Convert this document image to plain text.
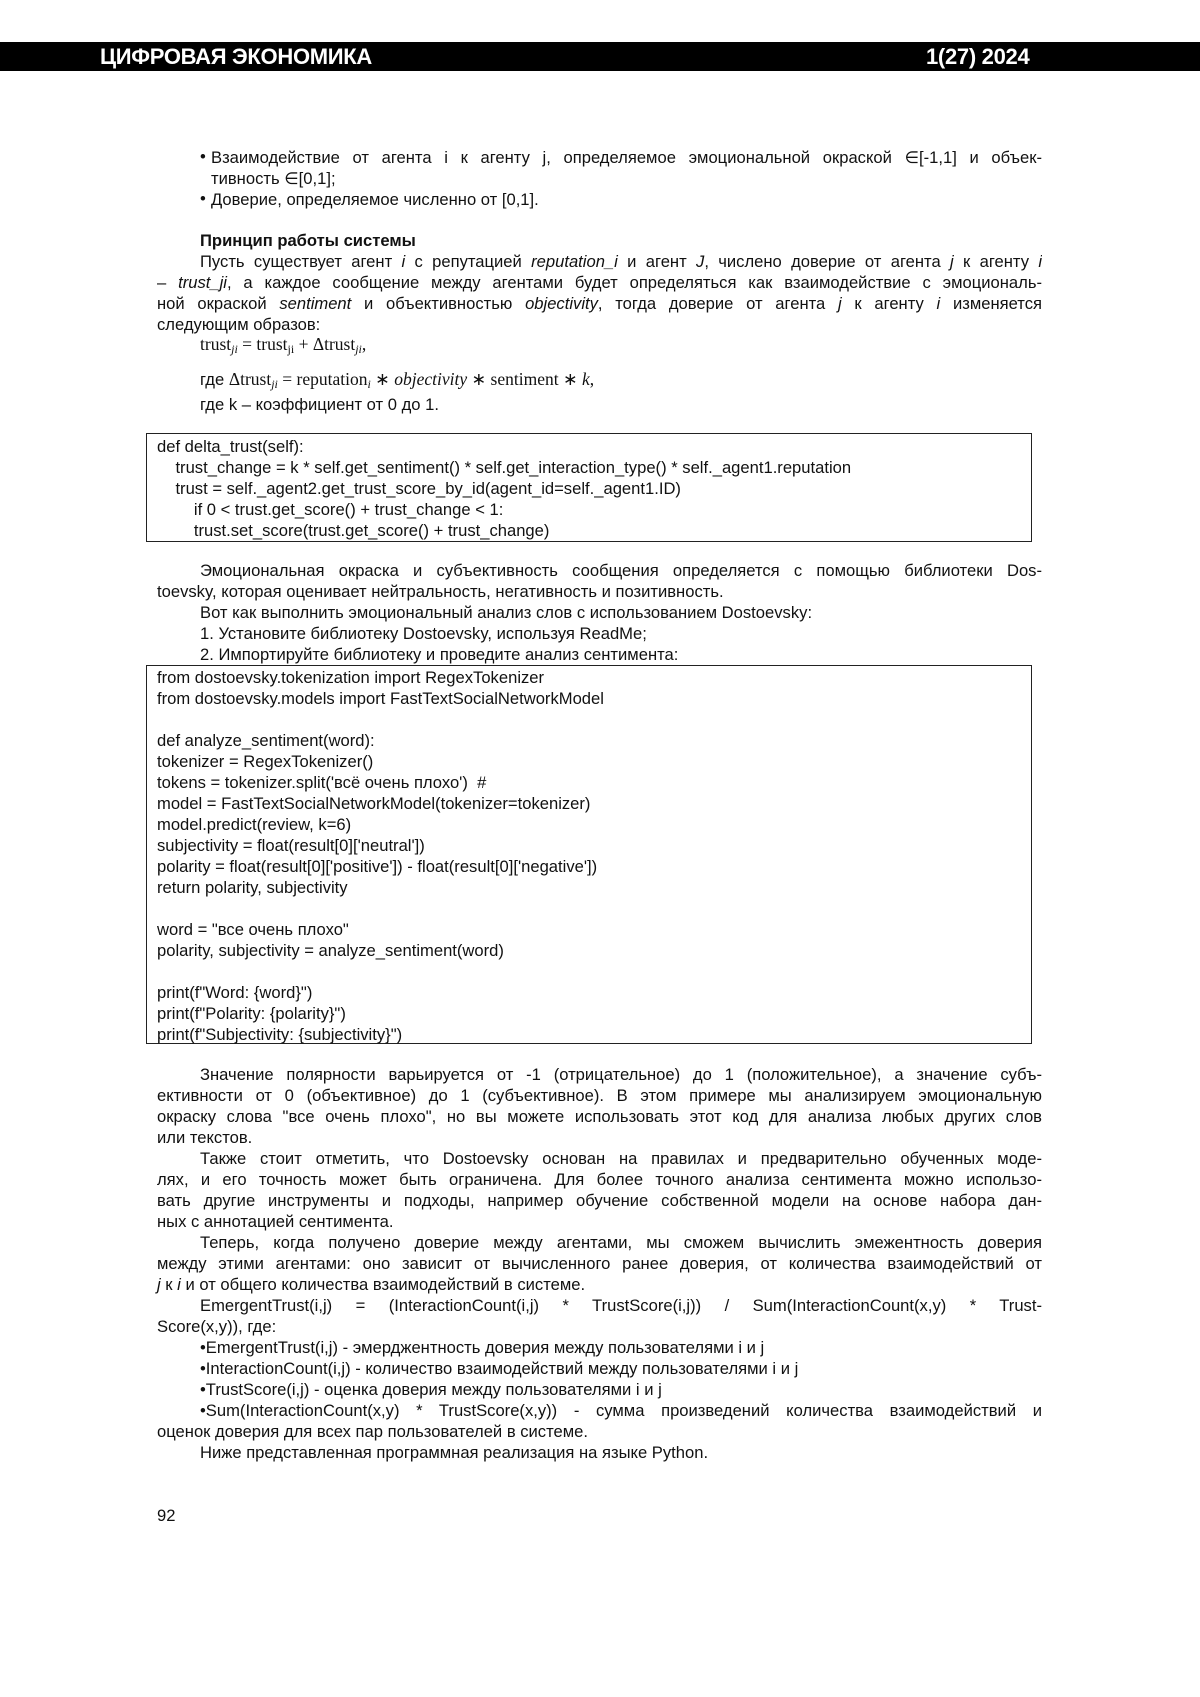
ЦИФРОВАЯ ЭКОНОМИКА	1(27) 2024
• Взаимодействие от агента i к агенту j, определяемое эмоциональной окраской ∈[-1,1] и объек-
тивность ∈[0,1];
• Доверие, определяемое численно от [0,1].
Принцип работы системы
Пусть существует агент i с репутацией reputation_i и агент J, числено доверие от агента j к агенту i
– trust_ji, а каждое сообщение между агентами будет определяться как взаимодействие с эмоциональ-
ной окраской sentiment и объективностью objectivity, тогда доверие от агента j к агенту i изменяется
следующим образов:
trustji = trustji + Δtrustji,
где Δtrustji = reputationi ∗ objectivity ∗ sentiment ∗ k,
где k – коэффициент от 0 до 1.
def delta_trust(self):
trust_change = k * self.get_sentiment() * self.get_interaction_type() * self._agent1.reputation
trust = self._agent2.get_trust_score_by_id(agent_id=self._agent1.ID)
if 0 < trust.get_score() + trust_change < 1:
trust.set_score(trust.get_score() + trust_change)
Эмоциональная окраска и субъективность сообщения определяется с помощью библиотеки Dos-
toevsky, которая оценивает нейтральность, негативность и позитивность.
Вот как выполнить эмоциональный анализ слов с использованием Dostoevsky:
1. Установите библиотеку Dostoevsky, используя ReadMe;
2. Импортируйте библиотеку и проведите анализ сентимента:
from dostoevsky.tokenization import RegexTokenizer
from dostoevsky.models import FastTextSocialNetworkModel
def analyze_sentiment(word):
tokenizer = RegexTokenizer()
tokens = tokenizer.split('всё очень плохо')  #
model = FastTextSocialNetworkModel(tokenizer=tokenizer)
model.predict(review, k=6)
subjectivity = float(result[0]['neutral'])
polarity = float(result[0]['positive']) - float(result[0]['negative'])
return polarity, subjectivity
word = "все очень плохо"
polarity, subjectivity = analyze_sentiment(word)
print(f"Word: {word}")
print(f"Polarity: {polarity}")
print(f"Subjectivity: {subjectivity}")
Значение полярности варьируется от -1 (отрицательное) до 1 (положительное), а значение субъ-
ективности от 0 (объективное) до 1 (субъективное). В этом примере мы анализируем эмоциональную
окраску слова "все очень плохо", но вы можете использовать этот код для анализа любых других слов
или текстов.
Также стоит отметить, что Dostoevsky основан на правилах и предварительно обученных моде-
лях, и его точность может быть ограничена. Для более точного анализа сентимента можно использо-
вать другие инструменты и подходы, например обучение собственной модели на основе набора дан-
ных с аннотацией сентимента.
Теперь, когда получено доверие между агентами, мы сможем вычислить эмежентность доверия
между этими агентами: оно зависит от вычисленного ранее доверия, от количества взаимодействий от
j к i и от общего количества взаимодействий в системе.
EmergentTrust(i,j) = (InteractionCount(i,j) * TrustScore(i,j)) / Sum(InteractionCount(x,y) * Trust-
Score(x,y)), где:
•EmergentTrust(i,j) - эмерджентность доверия между пользователями i и j
•InteractionCount(i,j) - количество взаимодействий между пользователями i и j
•TrustScore(i,j) - оценка доверия между пользователями i и j
•Sum(InteractionCount(x,y) * TrustScore(x,y)) - сумма произведений количества взаимодействий и
оценок доверия для всех пар пользователей в системе.
Ниже представленная программная реализация на языке Python.
92
